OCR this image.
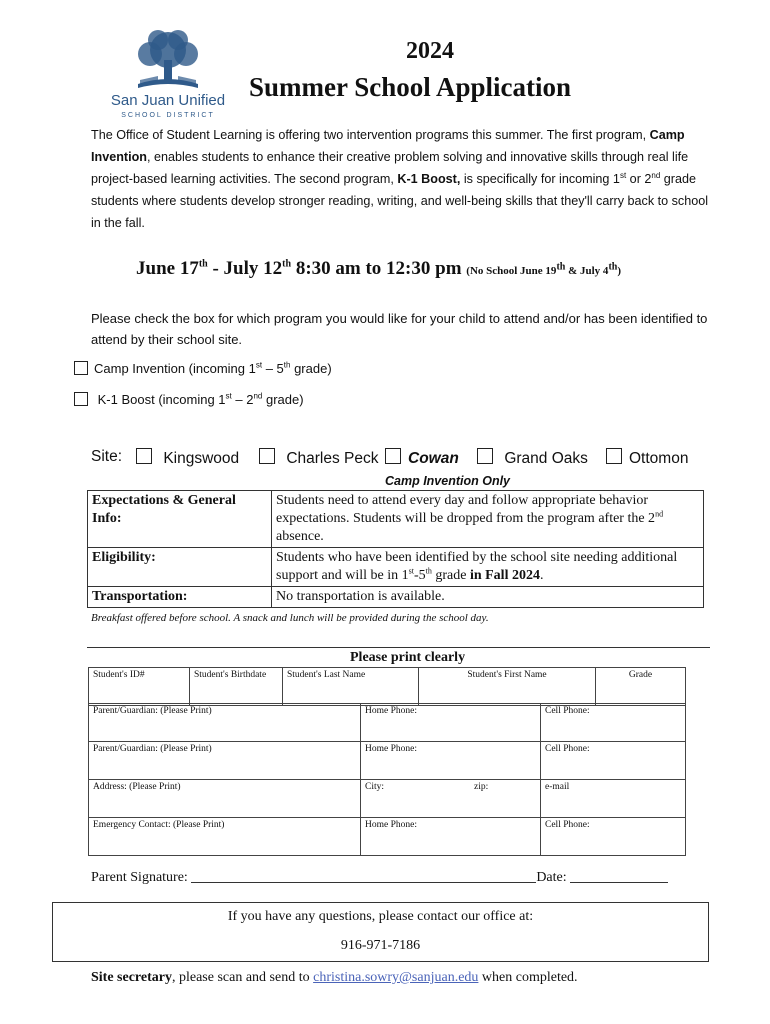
San Juan Unified
SCHOOL DISTRICT
2024
Summer School Application
The Office of Student Learning is offering two intervention programs this summer. The first program, Camp Invention, enables students to enhance their creative problem solving and innovative skills through real life project-based learning activities. The second program, K-1 Boost, is specifically for incoming 1st or 2nd grade students where students develop stronger reading, writing, and well-being skills that they'll carry back to school in the fall.
June 17th - July 12th 8:30 am to 12:30 pm (No School June 19th & July 4th)
Please check the box for which program you would like for your child to attend and/or has been identified to attend by their school site.
Camp Invention (incoming 1st – 5th grade)
K-1 Boost (incoming 1st – 2nd grade)
Site:	Kingswood	Charles Peck	Cowan	Grand Oaks	Ottomon
Camp Invention Only
Expectations & General Info:	Students need to attend every day and follow appropriate behavior expectations. Students will be dropped from the program after the 2nd absence.
Eligibility:	Students who have been identified by the school site needing additional support and will be in 1st-5th grade in Fall 2024.
Transportation:	No transportation is available.
Breakfast offered before school. A snack and lunch will be provided during the school day.
Please print clearly
Student's ID#	Student's Birthdate	Student's Last Name	Student's First Name	Grade
Parent/Guardian: (Please Print)	Home Phone:	Cell Phone:
Parent/Guardian: (Please Print)	Home Phone:	Cell Phone:
Address: (Please Print)	City: zip:	e-mail
Emergency Contact: (Please Print)	Home Phone:	Cell Phone:
Parent Signature:	Date:
If you have any questions, please contact our office at:
916-971-7186
Site secretary, please scan and send to christina.sowry@sanjuan.edu when completed.
